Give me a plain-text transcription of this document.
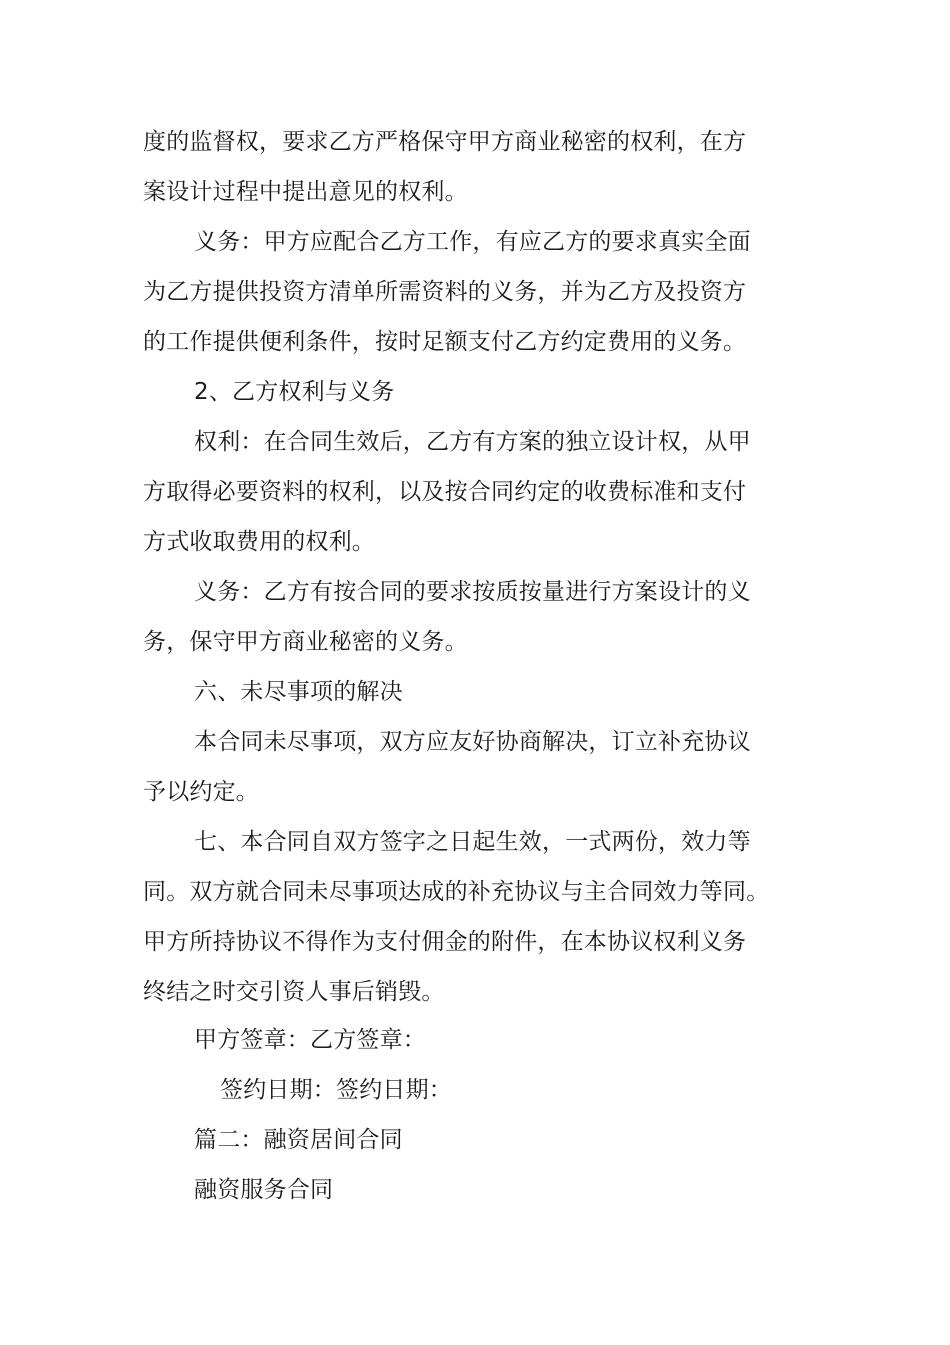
度的监督权，要求乙方严格保守甲方商业秘密的权利，在方
案设计过程中提出意见的权利。
义务：甲方应配合乙方工作，有应乙方的要求真实全面
为乙方提供投资方清单所需资料的义务，并为乙方及投资方
的工作提供便利条件，按时足额支付乙方约定费用的义务。
2、乙方权利与义务
权利：在合同生效后，乙方有方案的独立设计权，从甲
方取得必要资料的权利，以及按合同约定的收费标准和支付
方式收取费用的权利。
义务：乙方有按合同的要求按质按量进行方案设计的义
务，保守甲方商业秘密的义务。
六、未尽事项的解决
本合同未尽事项，双方应友好协商解决，订立补充协议
予以约定。
七、本合同自双方签字之日起生效，一式两份，效力等
同。双方就合同未尽事项达成的补充协议与主合同效力等同。
甲方所持协议不得作为支付佣金的附件，在本协议权利义务
终结之时交引资人事后销毁。
甲方签章：乙方签章：
签约日期：签约日期：
篇二：融资居间合同
融资服务合同
